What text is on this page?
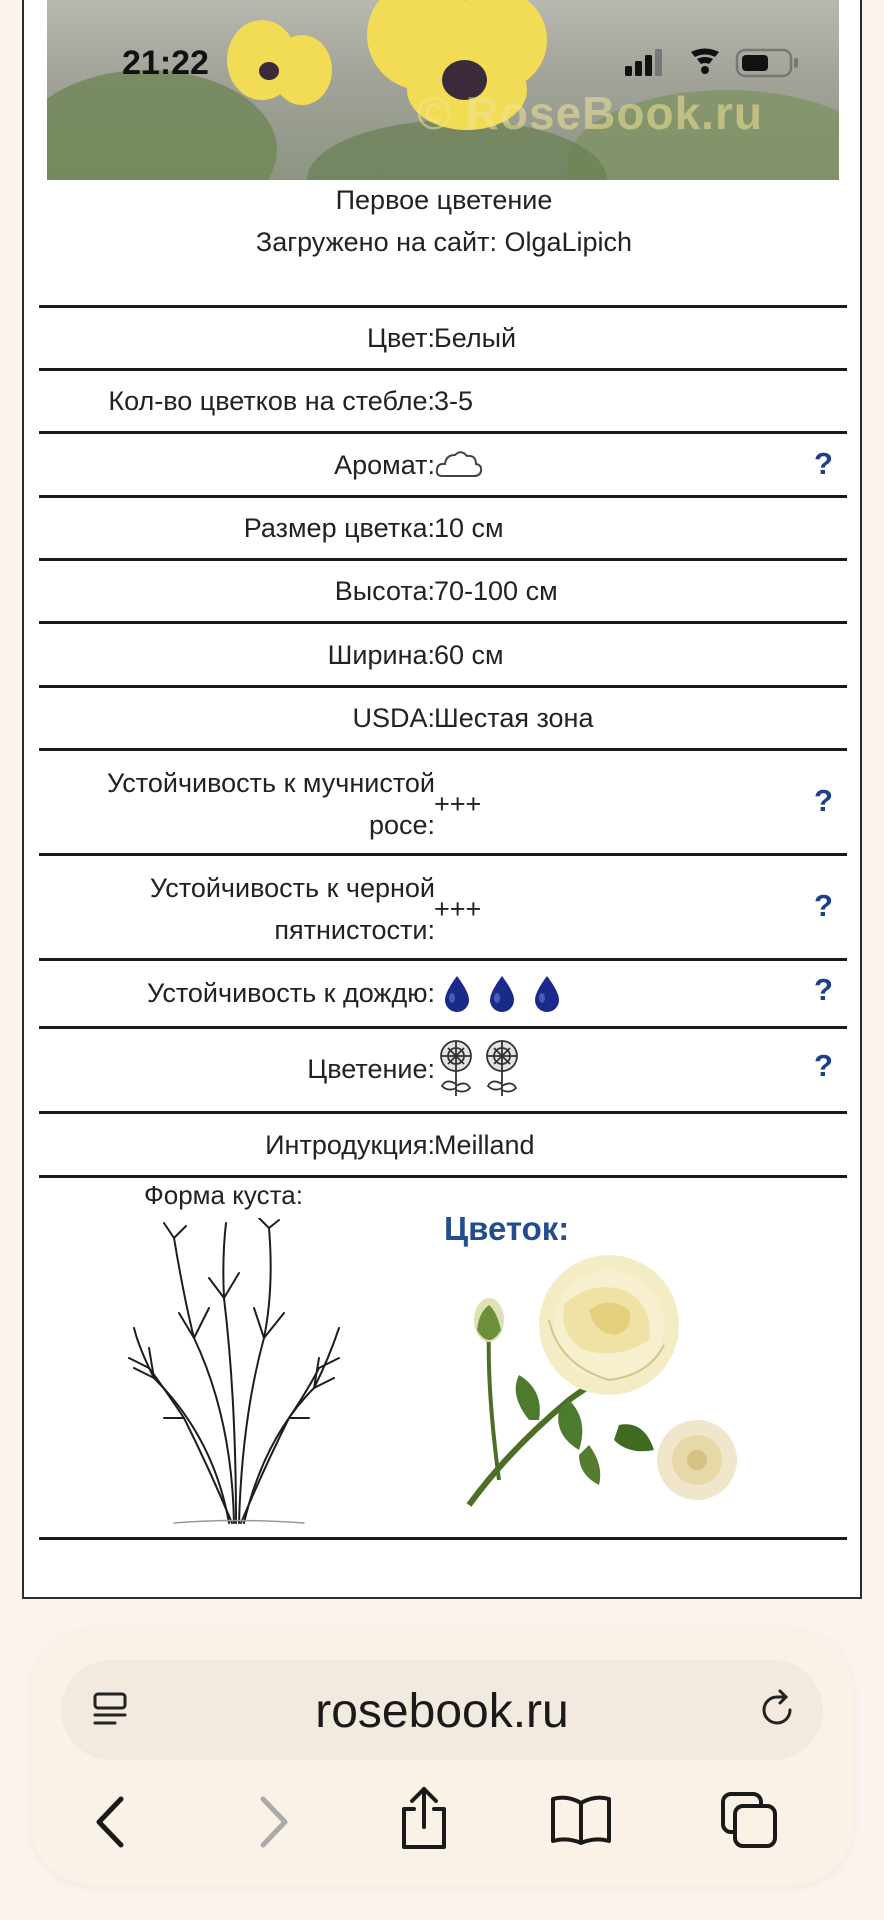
© RoseBook.ru
Первое цветение
Загружено на сайт: OlgaLipich
Цвет: Белый
Кол-во цветков на стебле: 3-5
Аромат:	?
Размер цветка: 10 см
Высота: 70-100 см
Ширина: 60 см
USDA: Шестая зона
Устойчивость к мучнистой
росе:
+++	?
Устойчивость к черной
пятнистости:
+++	?
Устойчивость к дождю:	?
Цветение:	?
Интродукция: Meilland
Форма куста:
Цветок:
21:22
rosebook.ru
